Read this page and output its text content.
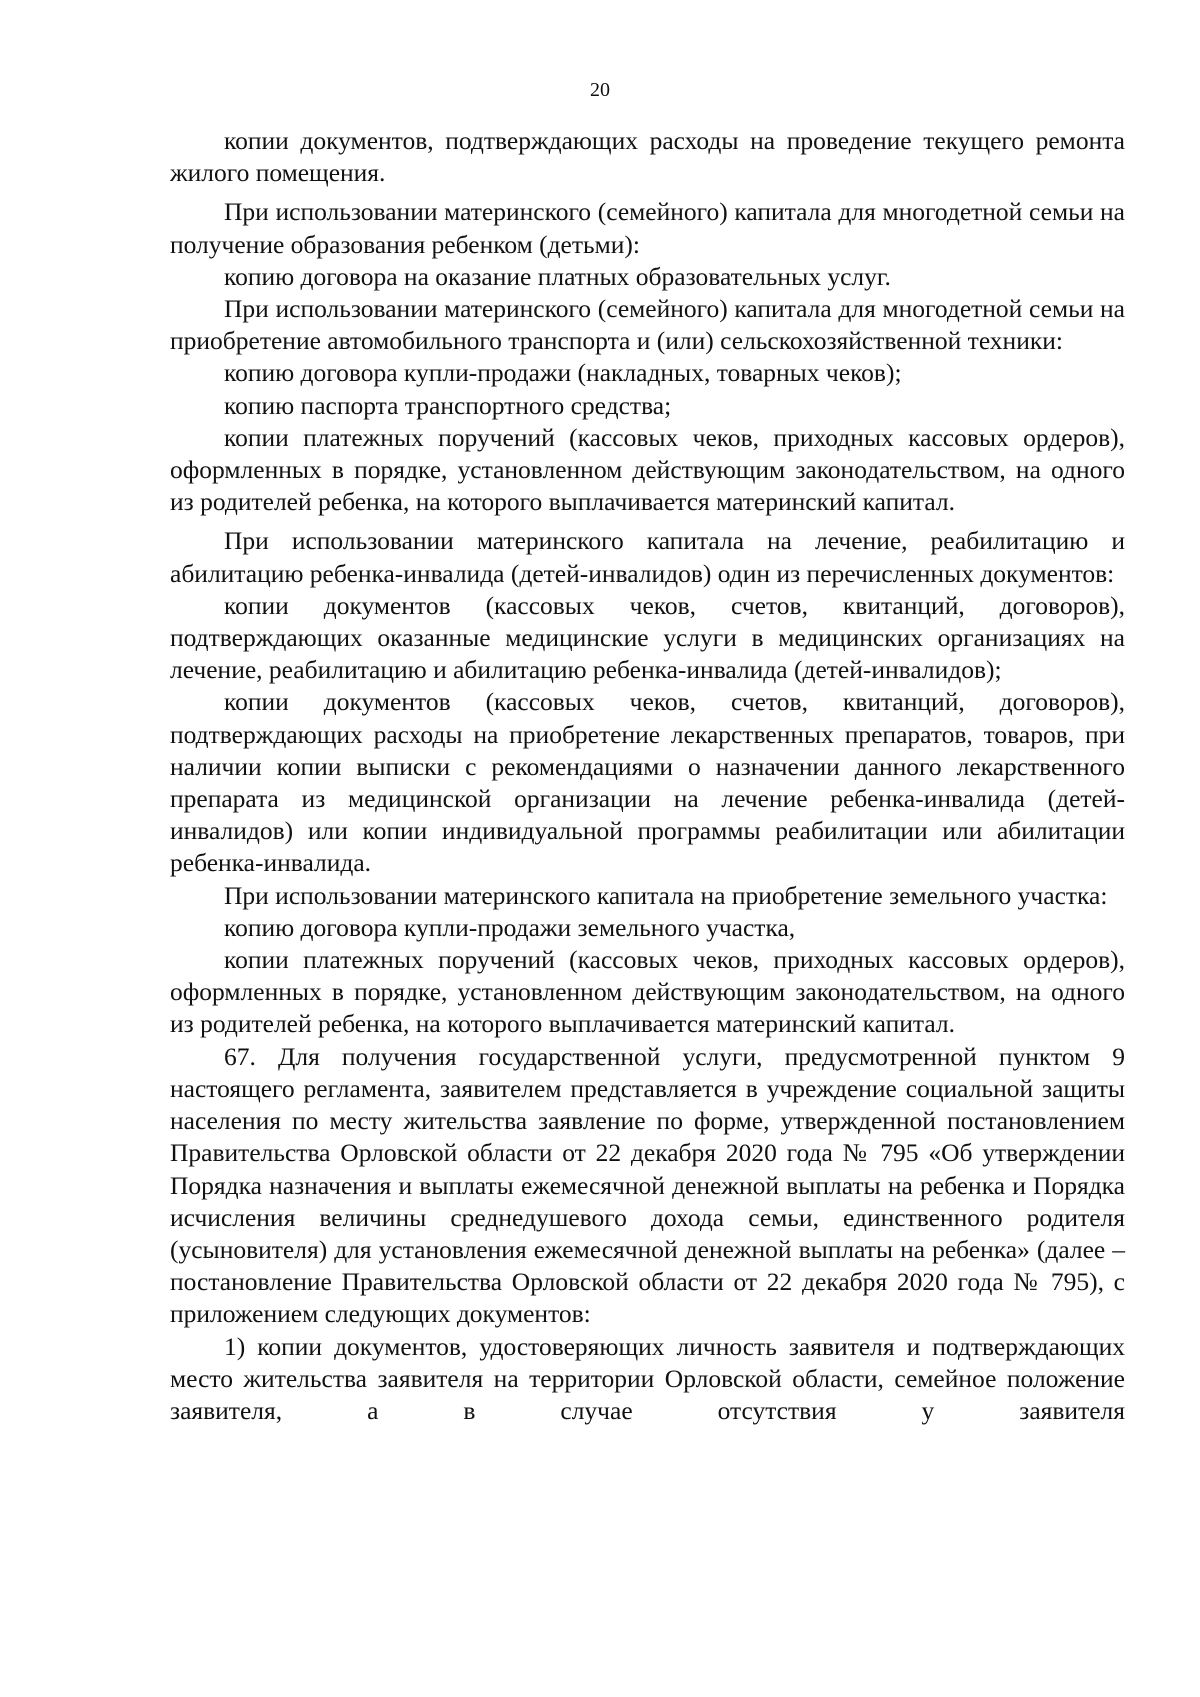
20

копии документов, подтверждающих расходы на проведение текущего ремонта жилого помещения.

При использовании материнского (семейного) капитала для многодетной семьи на получение образования ребенком (детьми):

копию договора на оказание платных образовательных услуг.

При использовании материнского (семейного) капитала для многодетной семьи на приобретение автомобильного транспорта и (или) сельскохозяйственной техники:

копию договора купли-продажи (накладных, товарных чеков);

копию паспорта транспортного средства;

копии платежных поручений (кассовых чеков, приходных кассовых ордеров), оформленных в порядке, установленном действующим законодательством, на одного из родителей ребенка, на которого выплачивается материнский капитал.

При использовании материнского капитала на лечение, реабилитацию и абилитацию ребенка-инвалида (детей-инвалидов) один из перечисленных документов:

копии документов (кассовых чеков, счетов, квитанций, договоров), подтверждающих оказанные медицинские услуги в медицинских организациях на лечение, реабилитацию и абилитацию ребенка-инвалида (детей-инвалидов);

копии документов (кассовых чеков, счетов, квитанций, договоров), подтверждающих расходы на приобретение лекарственных препаратов, товаров, при наличии копии выписки с рекомендациями о назначении данного лекарственного препарата из медицинской организации на лечение ребенка-инвалида (детей-инвалидов) или копии индивидуальной программы реабилитации или абилитации ребенка-инвалида.

При использовании материнского капитала на приобретение земельного участка:

копию договора купли-продажи земельного участка,

копии платежных поручений (кассовых чеков, приходных кассовых ордеров), оформленных в порядке, установленном действующим законодательством, на одного из родителей ребенка, на которого выплачивается материнский капитал.

67. Для получения государственной услуги, предусмотренной пунктом 9 настоящего регламента, заявителем представляется в учреждение социальной защиты населения по месту жительства заявление по форме, утвержденной постановлением Правительства Орловской области от 22 декабря 2020 года № 795 «Об утверждении Порядка назначения и выплаты ежемесячной денежной выплаты на ребенка и Порядка исчисления величины среднедушевого дохода семьи, единственного родителя (усыновителя) для установления ежемесячной денежной выплаты на ребенка» (далее – постановление Правительства Орловской области от 22 декабря 2020 года № 795), с приложением следующих документов:

1) копии документов, удостоверяющих личность заявителя и подтверждающих место жительства заявителя на территории Орловской области, семейное положение заявителя, а в случае отсутствия у заявителя
